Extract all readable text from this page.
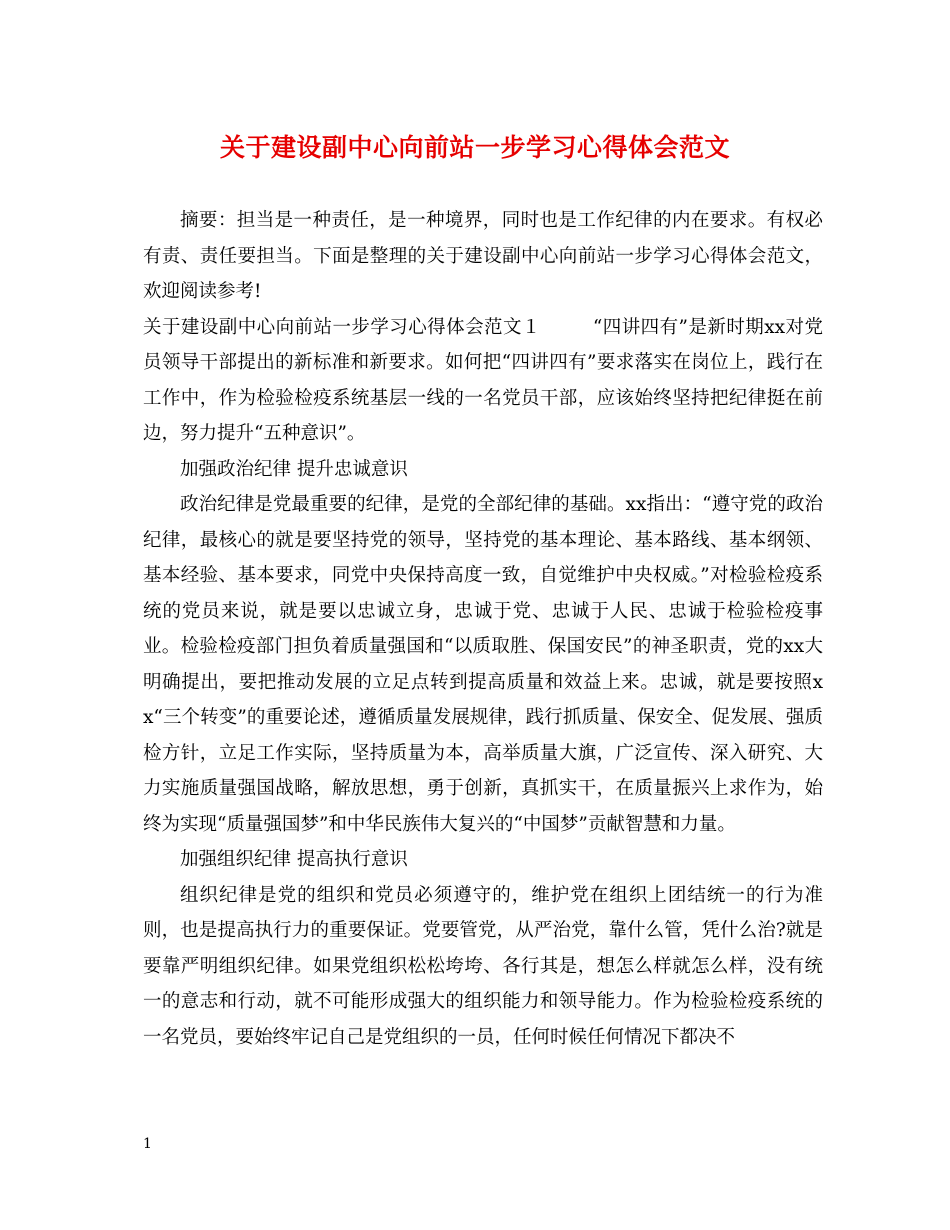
关于建设副中心向前站一步学习心得体会范文

摘要：担当是一种责任，是一种境界，同时也是工作纪律的内在要求。有权必有责、责任要担当。下面是整理的关于建设副中心向前站一步学习心得体会范文，欢迎阅读参考!

关于建设副中心向前站一步学习心得体会范文１	“四讲四有”是新时期xx对党员领导干部提出的新标准和新要求。如何把“四讲四有”要求落实在岗位上，践行在工作中，作为检验检疫系统基层一线的一名党员干部，应该始终坚持把纪律挺在前边，努力提升“五种意识”。

加强政治纪律 提升忠诚意识

政治纪律是党最重要的纪律，是党的全部纪律的基础。xx指出：“遵守党的政治纪律，最核心的就是要坚持党的领导，坚持党的基本理论、基本路线、基本纲领、基本经验、基本要求，同党中央保持高度一致，自觉维护中央权威。”对检验检疫系统的党员来说，就是要以忠诚立身，忠诚于党、忠诚于人民、忠诚于检验检疫事业。检验检疫部门担负着质量强国和“以质取胜、保国安民”的神圣职责，党的xx大明确提出，要把推动发展的立足点转到提高质量和效益上来。忠诚，就是要按照xx“三个转变”的重要论述，遵循质量发展规律，践行抓质量、保安全、促发展、强质检方针，立足工作实际，坚持质量为本，高举质量大旗，广泛宣传、深入研究、大力实施质量强国战略，解放思想，勇于创新，真抓实干，在质量振兴上求作为，始终为实现“质量强国梦”和中华民族伟大复兴的“中国梦”贡献智慧和力量。

加强组织纪律 提高执行意识

组织纪律是党的组织和党员必须遵守的，维护党在组织上团结统一的行为准则，也是提高执行力的重要保证。党要管党，从严治党，靠什么管，凭什么治?就是要靠严明组织纪律。如果党组织松松垮垮、各行其是，想怎么样就怎么样，没有统一的意志和行动，就不可能形成强大的组织能力和领导能力。作为检验检疫系统的一名党员，要始终牢记自己是党组织的一员，任何时候任何情况下都决不

1
